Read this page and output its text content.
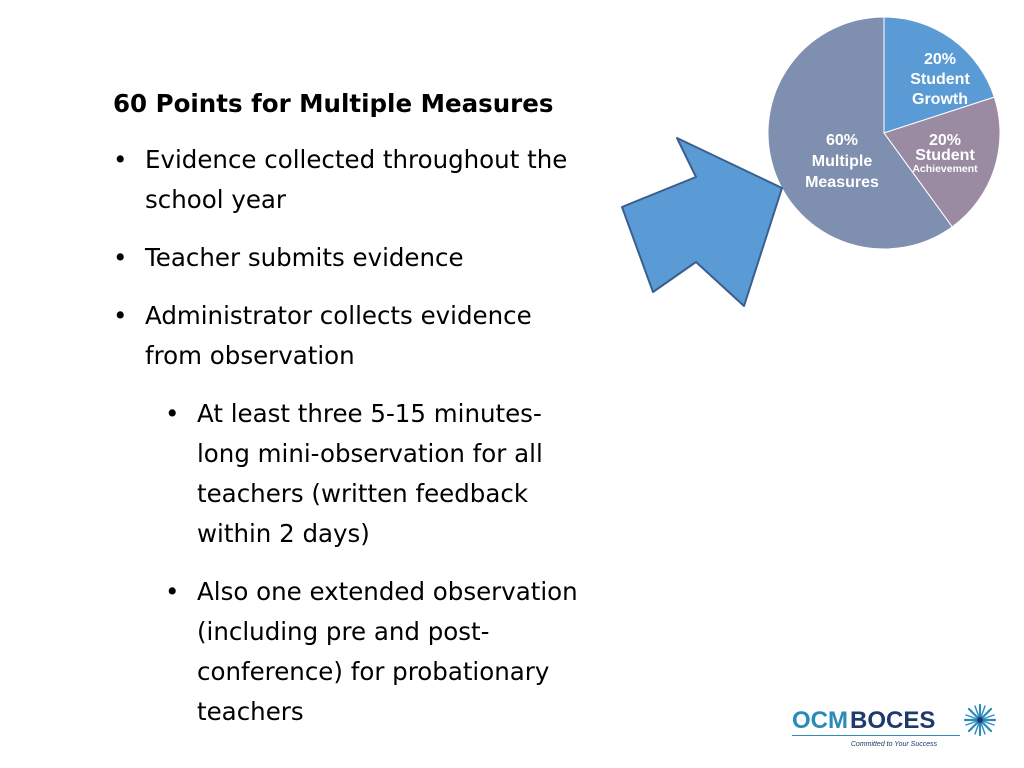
60 Points for Multiple Measures
• Evidence collected throughout the school year
• Teacher submits evidence
• Administrator collects evidence from observation
• At least three 5-15 minutes-long mini-observation for all teachers (written feedback within 2 days)
• Also one extended observation (including pre and post-conference) for probationary teachers
20%
Student
Growth
20%
Student
Achievement
60%
Multiple
Measures
OCM BOCES
Committed to Your Success
